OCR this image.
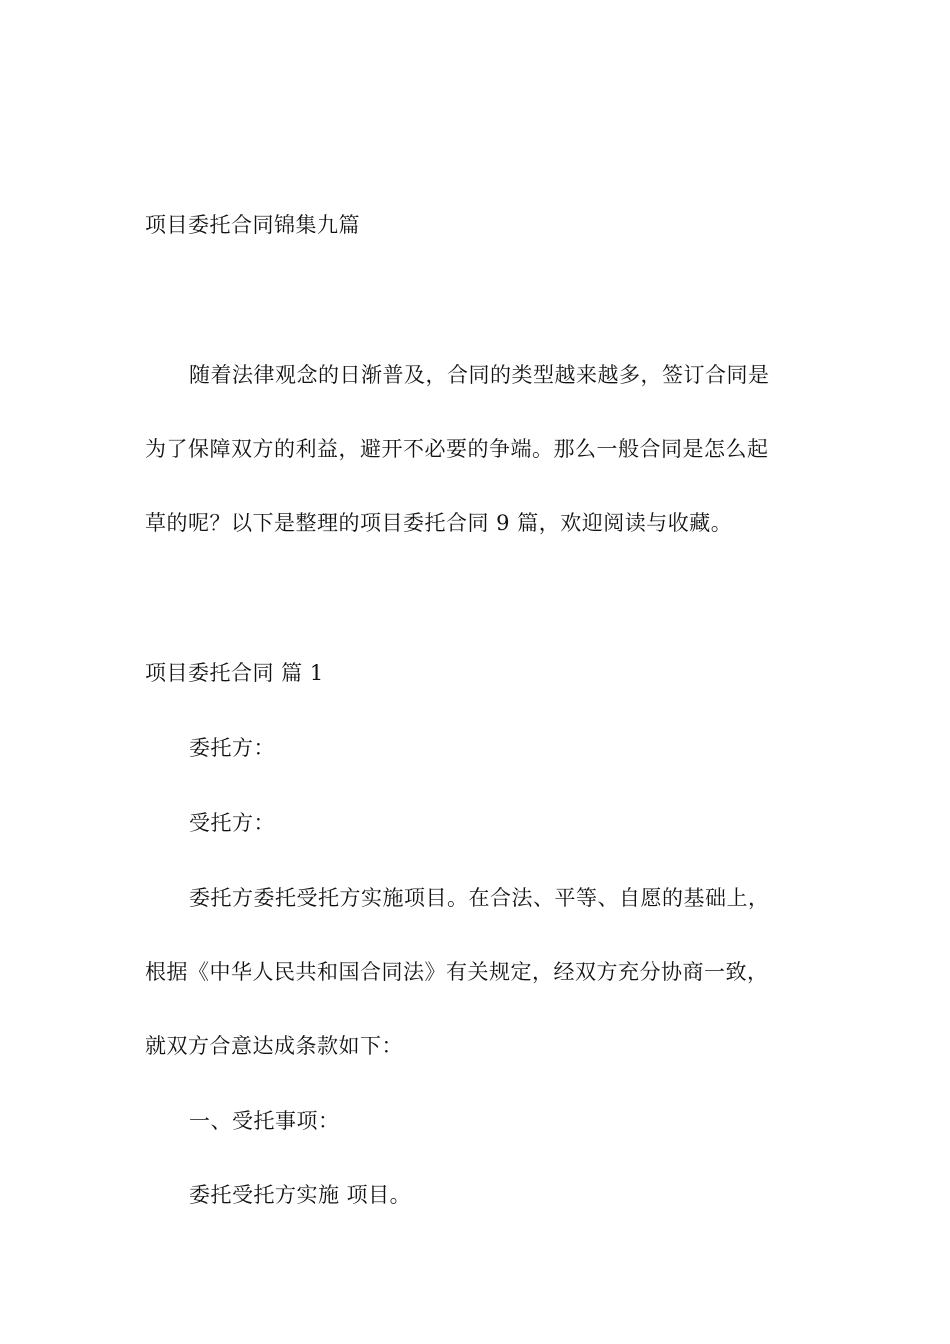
项目委托合同锦集九篇
随着法律观念的日渐普及，合同的类型越来越多，签订合同是
为了保障双方的利益，避开不必要的争端。那么一般合同是怎么起
草的呢？以下是整理的项目委托合同 9 篇，欢迎阅读与收藏。
项目委托合同 篇 1
委托方：
受托方：
委托方委托受托方实施项目。在合法、平等、自愿的基础上，
根据《中华人民共和国合同法》有关规定，经双方充分协商一致，
就双方合意达成条款如下：
一、受托事项：
委托受托方实施 项目。
